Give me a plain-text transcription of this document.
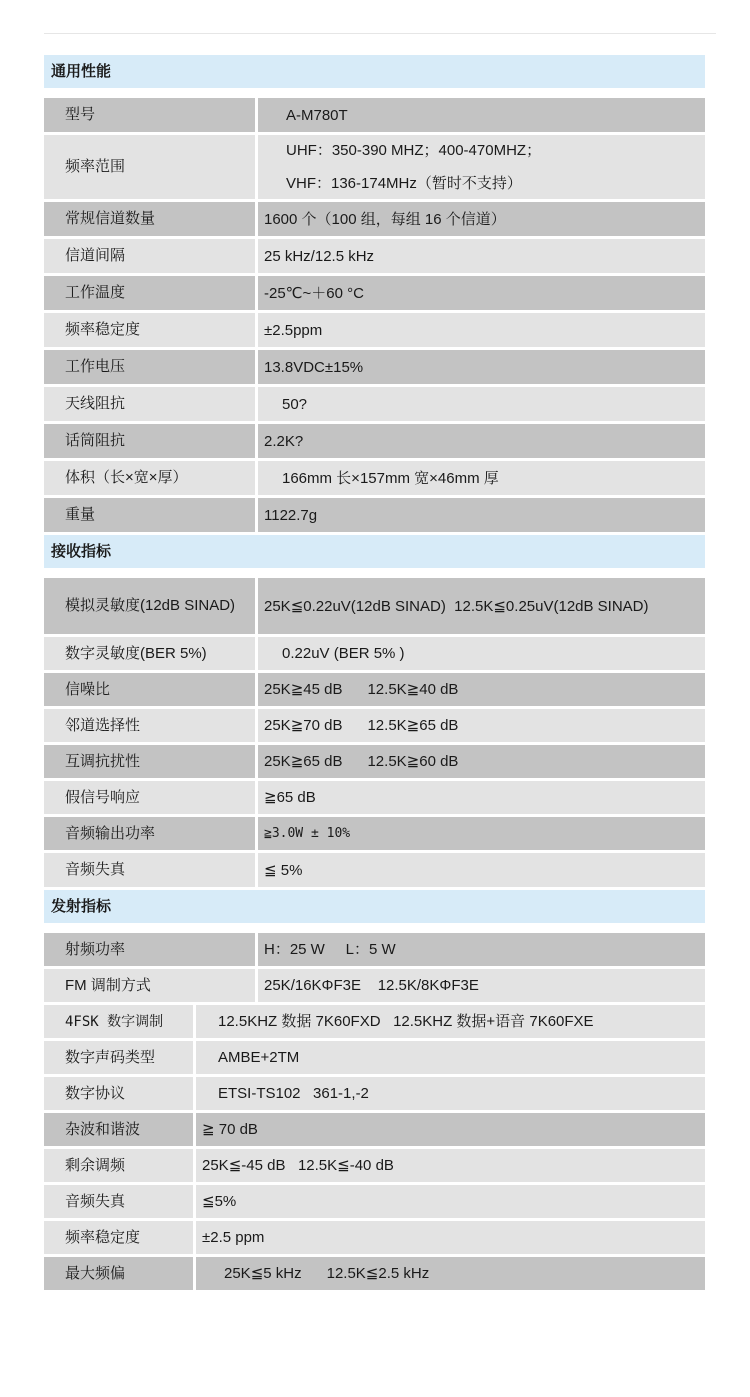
通用性能
型号	A-M780T
频率范围
UHF：350-390 MHZ；400-470MHZ；
VHF：136-174MHz（暂时不支持）
常规信道数量	1600 个（100 组，每组 16 个信道）
信道间隔	25 kHz/12.5 kHz
工作温度	-25℃~＋60 °C
频率稳定度	±2.5ppm
工作电压	13.8VDC±15%
天线阻抗	50?
话筒阻抗	2.2K?
体积（长×宽×厚）	166mm 长×157mm 宽×46mm 厚
重量	1122.7g
接收指标
模拟灵敏度(12dB SINAD)	25K≦0.22uV(12dB SINAD)  12.5K≦0.25uV(12dB SINAD)
数字灵敏度(BER 5%)	0.22uV (BER 5% )
信噪比	25K≧45 dB      12.5K≧40 dB
邻道选择性	25K≧70 dB      12.5K≧65 dB
互调抗扰性	25K≧65 dB      12.5K≧60 dB
假信号响应	≧65 dB
音频输出功率	≧3.0W ± 10%
音频失真	≦ 5%
发射指标
射频功率	H：25 W     L：5 W
FM 调制方式	25K/16KΦF3E    12.5K/8KΦF3E
4FSK 数字调制	12.5KHZ 数据 7K60FXD   12.5KHZ 数据+语音 7K60FXE
数字声码类型	AMBE+2TM
数字协议	ETSI-TS102   361-1,-2
杂波和谐波	≧ 70 dB
剩余调频	25K≦-45 dB   12.5K≦-40 dB
音频失真	≦5%
频率稳定度	±2.5 ppm
最大频偏	25K≦5 kHz      12.5K≦2.5 kHz
